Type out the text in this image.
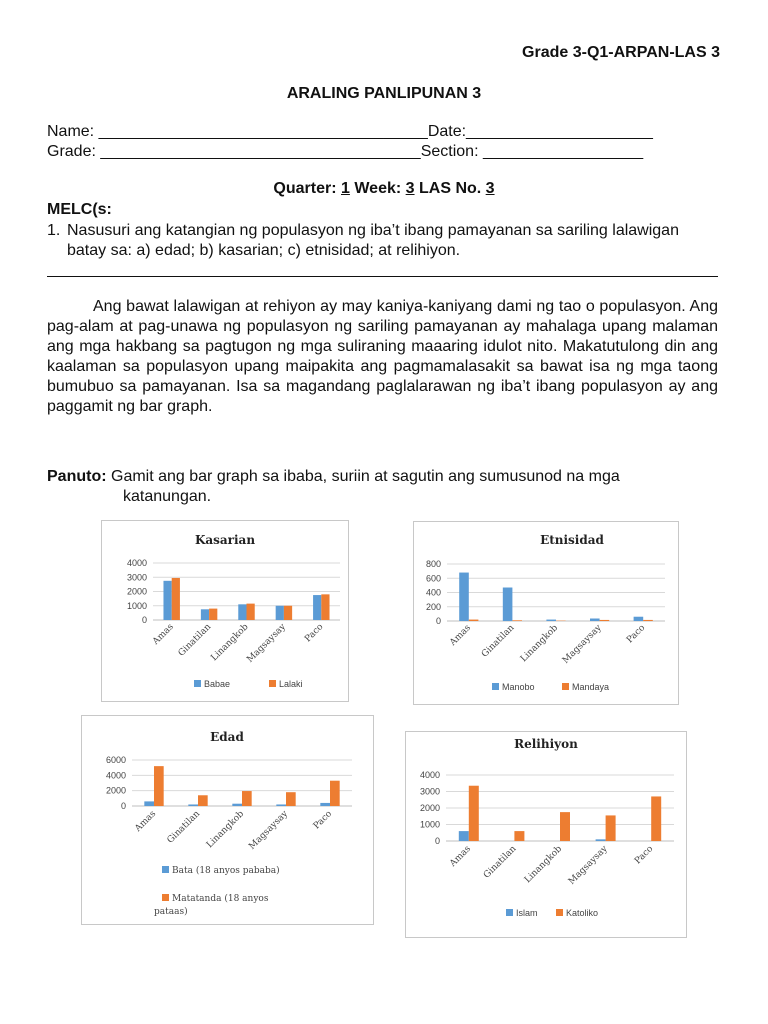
Grade 3-Q1-ARPAN-LAS 3
ARALING PANLIPUNAN 3
Name: _____________________________________Date:_____________________
Grade: ____________________________________Section: __________________
Quarter: 1 Week: 3 LAS No. 3
MELC(s:
1. Nasusuri ang katangian ng populasyon ng iba’t ibang pamayanan sa sariling lalawigan batay sa: a) edad; b) kasarian; c) etnisidad; at relihiyon.
Ang bawat lalawigan at rehiyon ay may kaniya-kaniyang dami ng tao o populasyon. Ang pag-alam at pag-unawa ng populasyon ng sariling pamayanan ay mahalaga upang malaman ang mga hakbang sa pagtugon ng mga suliraning maaaring idulot nito. Makatutulong din ang kaalaman sa populasyon upang maipakita ang pagmamalasakit sa bawat isa ng mga taong bumubuo sa pamayanan. Isa sa magandang paglalarawan ng iba’t ibang populasyon ay ang paggamit ng bar graph.
Panuto: Gamit ang bar graph sa ibaba, suriin at sagutin ang sumusunod na mga
katanungan.
Kasarian
4000
3000
2000
1000
0
Amas Ginatilan
Linangkob
Magsaysay Paco
Babae	Lalaki
Etnisidad
800
600
400
200
0
Amas Ginatilan Linangkob Magsaysay Paco
Manobo	Mandaya
Edad
6000
4000
2000
0
Amas Ginatilan Linangkob Magsaysay Paco
Bata (18 anyos pababa)
Matatanda (18 anyos pataas)
Relihiyon
4000
3000
2000
1000
0
Amas Ginatilan Linangkob Magsaysay	Paco
Islam	Katoliko
